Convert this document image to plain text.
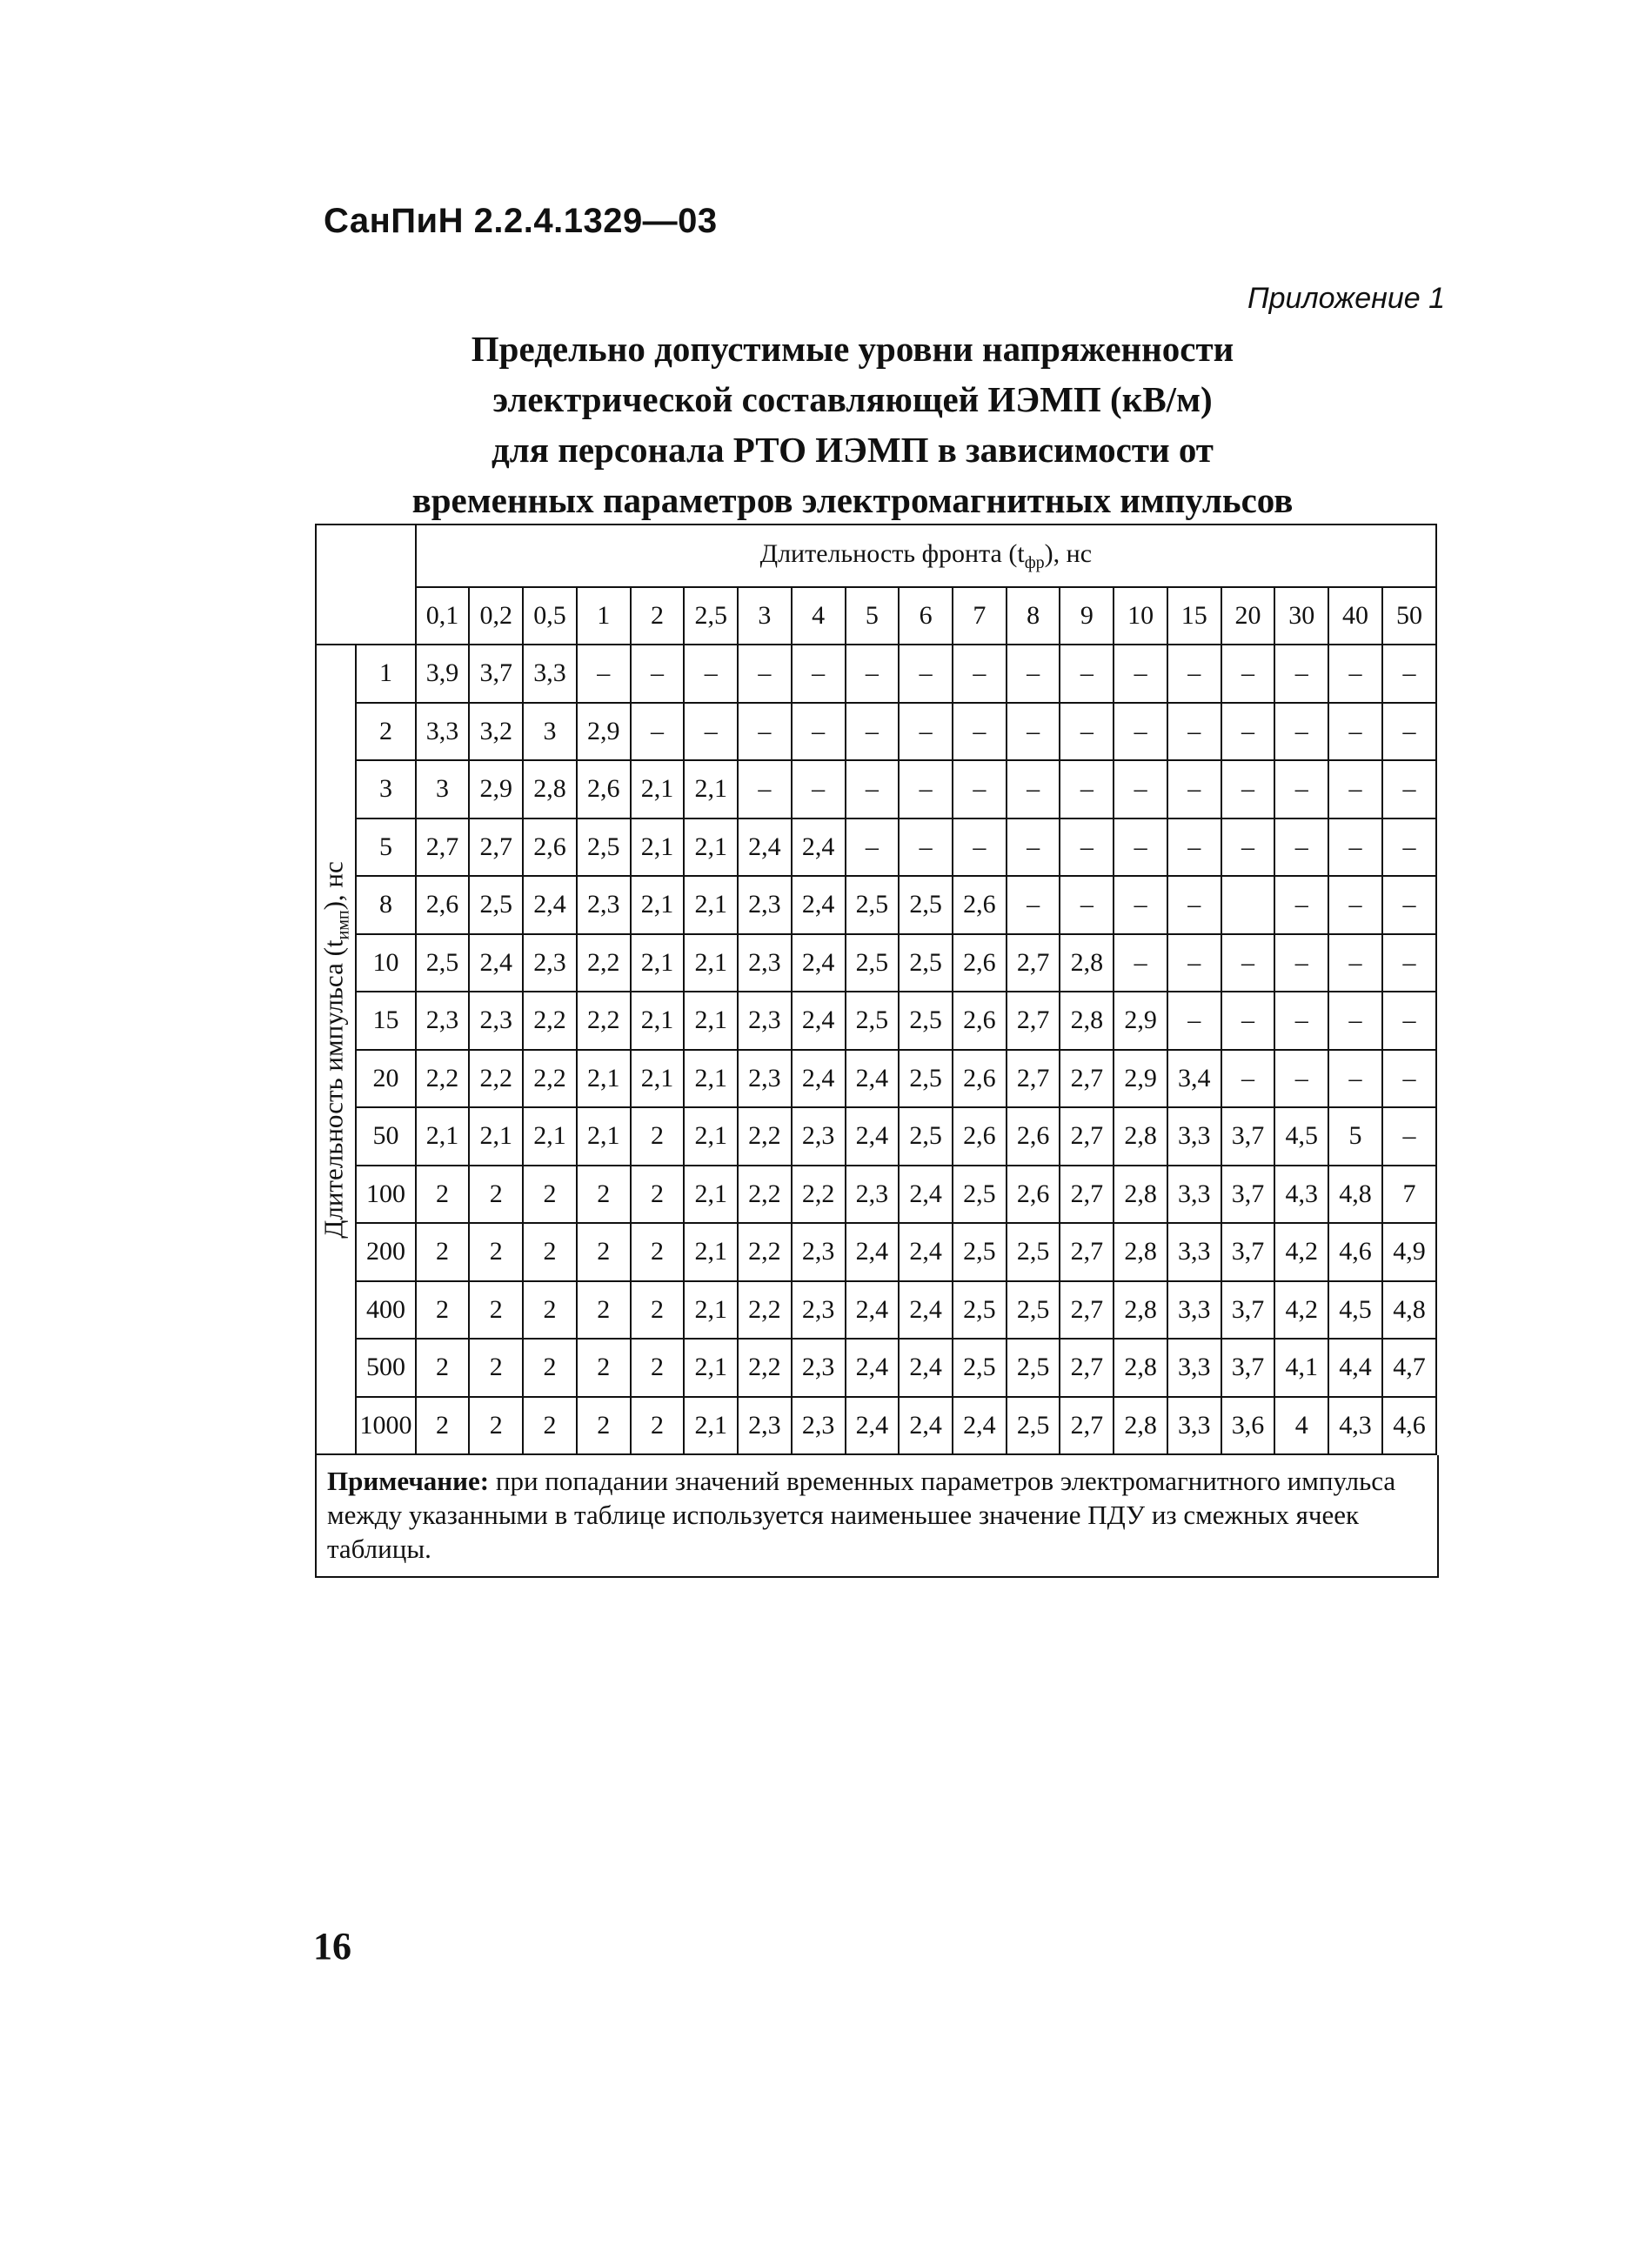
СанПиН 2.2.4.1329—03
Приложение 1
Предельно допустимые уровни напряженности
электрической составляющей ИЭМП (кВ/м)
для персонала РТО ИЭМП в зависимости от
временных параметров электромагнитных импульсов
		Длительность фронта $(t_{фр})$, нс																		
		0,1	0,2	0,5	1	2	2,5	3	4	5	6	7	8	9	10	15	20	30	40	50

Длительность импульса $(t_{имп})$, нс	1	3,9	3,7	3,3	–	–	–	–	–	–	–	–	–	–	–	–	–	–	–	–
	2	3,3	3,2	3	2,9	–	–	–	–	–	–	–	–	–	–	–	–	–	–	–
	3	3	2,9	2,8	2,6	2,1	2,1	–	–	–	–	–	–	–	–	–	–	–	–	–
	5	2,7	2,7	2,6	2,5	2,1	2,1	2,4	2,4	–	–	–	–	–	–	–	–	–	–	–
	8	2,6	2,5	2,4	2,3	2,1	2,1	2,3	2,4	2,5	2,5	2,6	–	–	–	–		–	–	–
	10	2,5	2,4	2,3	2,2	2,1	2,1	2,3	2,4	2,5	2,5	2,6	2,7	2,8	–	–	–	–	–	–
	15	2,3	2,3	2,2	2,2	2,1	2,1	2,3	2,4	2,5	2,5	2,6	2,7	2,8	2,9	–	–	–	–	–
	20	2,2	2,2	2,2	2,1	2,1	2,1	2,3	2,4	2,4	2,5	2,6	2,7	2,7	2,9	3,4	–	–	–	–
	50	2,1	2,1	2,1	2,1	2	2,1	2,2	2,3	2,4	2,5	2,6	2,6	2,7	2,8	3,3	3,7	4,5	5	–
	100	2	2	2	2	2	2,1	2,2	2,2	2,3	2,4	2,5	2,6	2,7	2,8	3,3	3,7	4,3	4,8	7
	200	2	2	2	2	2	2,1	2,2	2,3	2,4	2,4	2,5	2,5	2,7	2,8	3,3	3,7	4,2	4,6	4,9
	400	2	2	2	2	2	2,1	2,2	2,3	2,4	2,4	2,5	2,5	2,7	2,8	3,3	3,7	4,2	4,5	4,8
	500	2	2	2	2	2	2,1	2,2	2,3	2,4	2,4	2,5	2,5	2,7	2,8	3,3	3,7	4,1	4,4	4,7
	1000	2	2	2	2	2	2,1	2,3	2,3	2,4	2,4	2,4	2,5	2,7	2,8	3,3	3,6	4	4,3	4,6
Примечание: при попадании значений временных параметров электромагнитного импульса между указанными в таблице используется наименьшее значение ПДУ из смежных ячеек таблицы.
16
